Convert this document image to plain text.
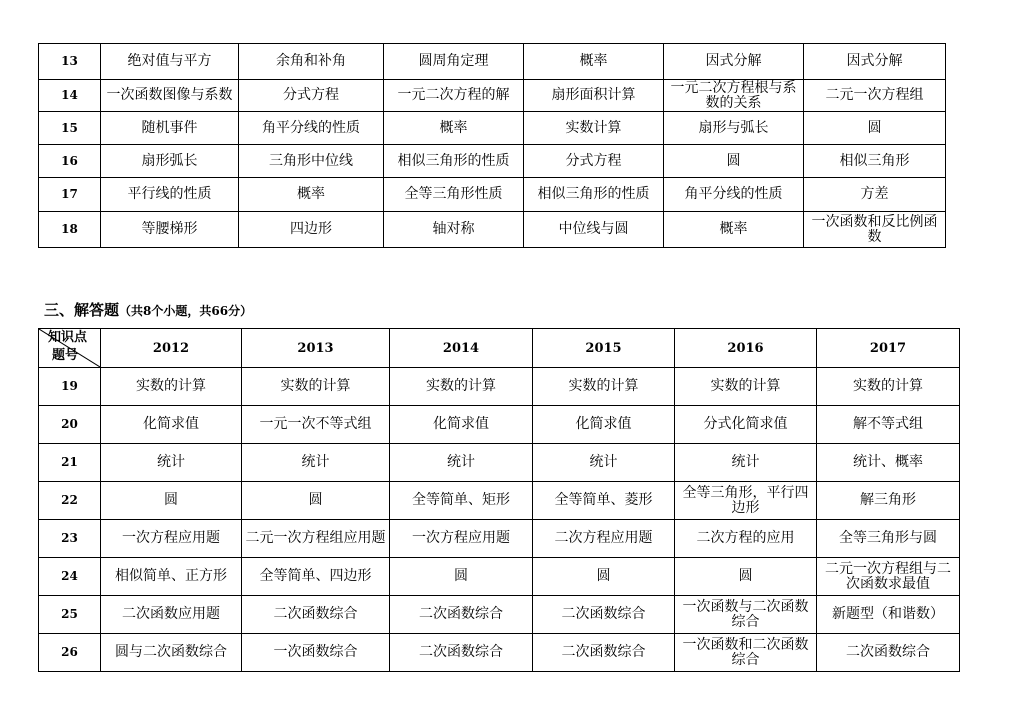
13	绝对值与平方	余角和补角	圆周角定理	概率	因式分解	因式分解
14	一次函数图像与系数	分式方程	一元二次方程的解	扇形面积计算	一元二次方程根与系数的关系	二元一次方程组
15	随机事件	角平分线的性质	概率	实数计算	扇形与弧长	圆
16	扇形弧长	三角形中位线	相似三角形的性质	分式方程	圆	相似三角形
17	平行线的性质	概率	全等三角形性质	相似三角形的性质	角平分线的性质	方差
18	等腰梯形	四边形	轴对称	中位线与圆	概率	一次函数和反比例函数
三、解答题（共8个小题，共66分）
知识点
题号	2012	2013	2014	2015	2016	2017
19	实数的计算	实数的计算	实数的计算	实数的计算	实数的计算	实数的计算
20	化简求值	一元一次不等式组	化简求值	化简求值	分式化简求值	解不等式组
21	统计	统计	统计	统计	统计	统计、概率
22	圆	圆	全等简单、矩形	全等简单、菱形	全等三角形，平行四边形	解三角形
23	一次方程应用题	二元一次方程组应用题	一次方程应用题	二次方程应用题	二次方程的应用	全等三角形与圆
24	相似简单、正方形	全等简单、四边形	圆	圆	圆	二元一次方程组与二次函数求最值
25	二次函数应用题	二次函数综合	二次函数综合	二次函数综合	一次函数与二次函数综合	新题型（和谐数）
26	圆与二次函数综合	一次函数综合	二次函数综合	二次函数综合	一次函数和二次函数综合	二次函数综合
